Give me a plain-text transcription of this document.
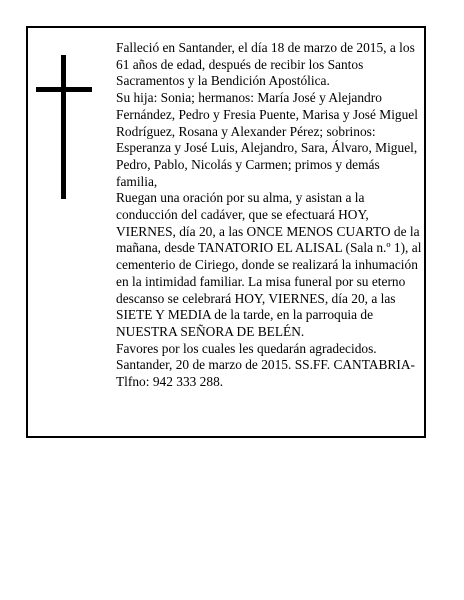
Falleció en Santander, el día 18 de marzo de 2015, a los 61 años de edad, después de recibir los Santos Sacramentos y la Bendición Apostólica.

Su hija: Sonia; hermanos: María José y Alejandro Fernández, Pedro y Fresia Puente, Marisa y José Miguel Rodríguez, Rosana y Alexander Pérez; sobrinos: Esperanza y José Luis, Alejandro, Sara, Álvaro, Miguel, Pedro, Pablo, Nicolás y Carmen; primos y demás familia,

Ruegan una oración por su alma, y asistan a la conducción del cadáver, que se efectuará HOY, VIERNES, día 20, a las ONCE MENOS CUARTO de la mañana, desde TANATORIO EL ALISAL (Sala n.º 1), al cementerio de Ciriego, donde se realizará la inhumación en la intimidad familiar. La misa funeral por su eterno descanso se celebrará HOY, VIERNES, día 20, a las SIETE Y MEDIA de la tarde, en la parroquia de NUESTRA SEÑORA DE BELÉN.

Favores por los cuales les quedarán agradecidos.

Santander, 20 de marzo de 2015. SS.FF. CANTABRIA-

Tlfno: 942 333 288.
